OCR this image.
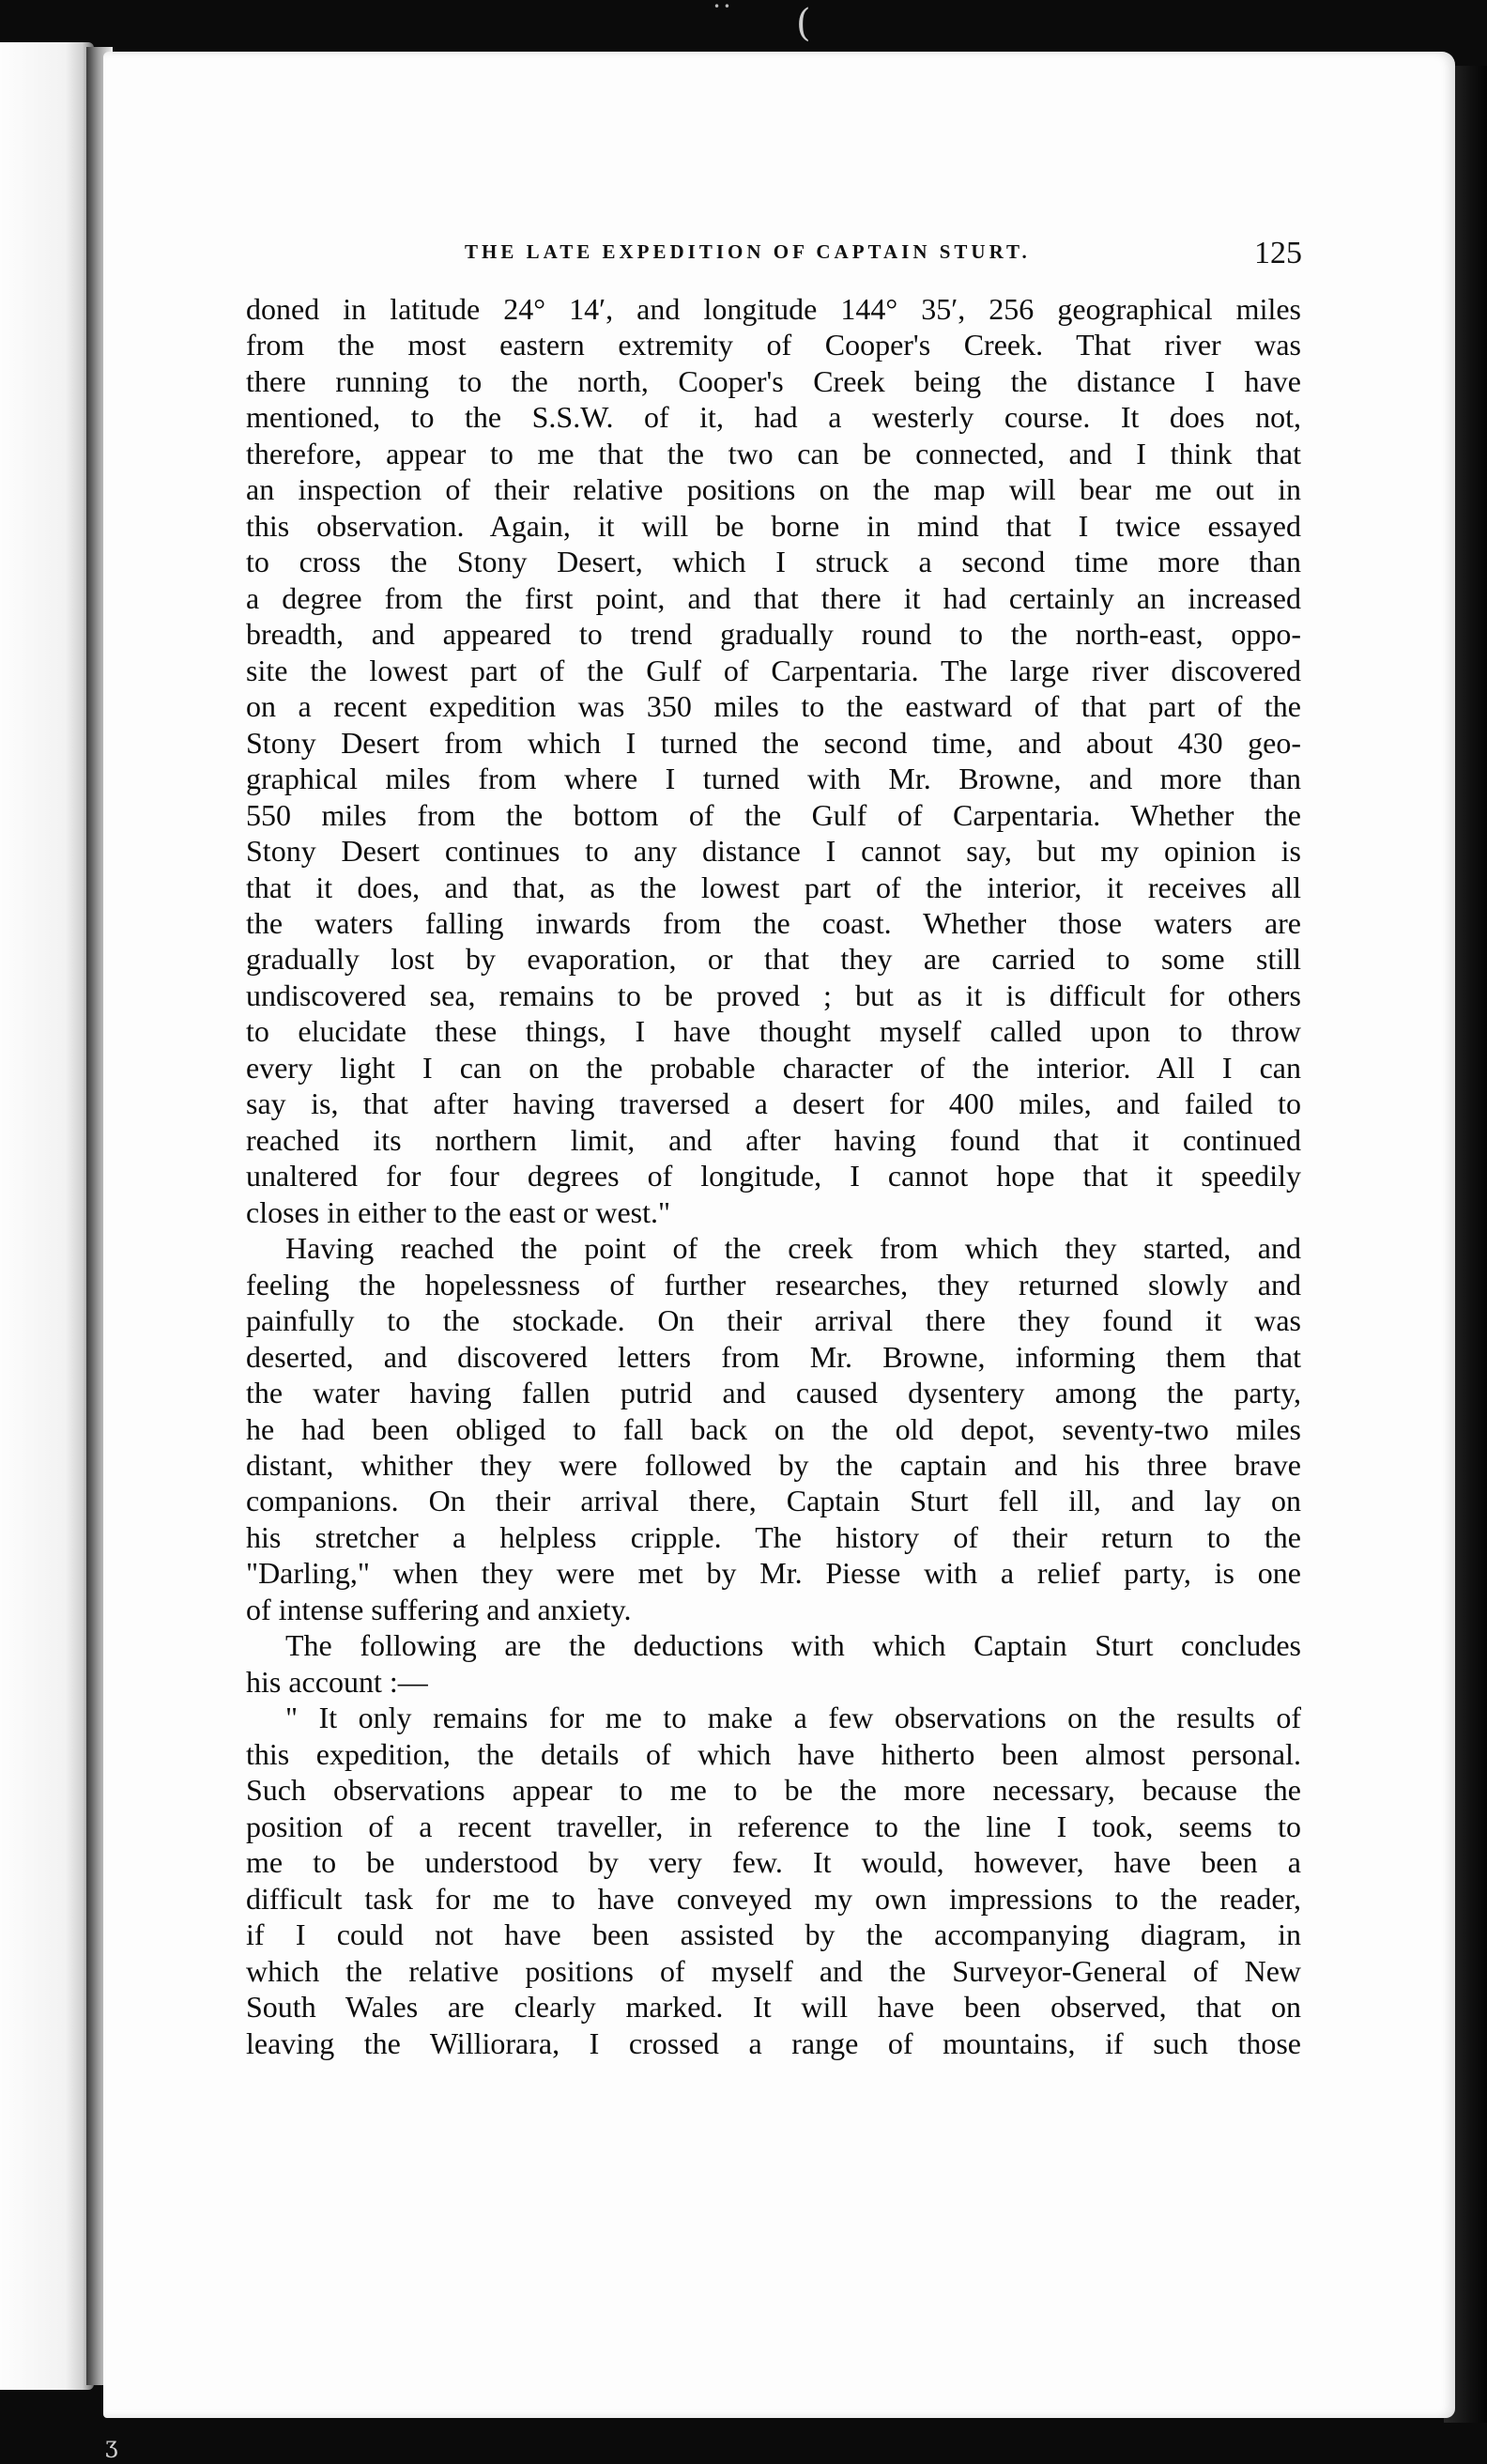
• • (
ʒ
THE LATE EXPEDITION OF CAPTAIN STURT.	125
doned in latitude 24° 14′, and longitude 144° 35′, 256 geographical miles
from the most eastern extremity of Cooper's Creek. That river was
there running to the north, Cooper's Creek being the distance I have
mentioned, to the S.S.W. of it, had a westerly course. It does not,
therefore, appear to me that the two can be connected, and I think that
an inspection of their relative positions on the map will bear me out in
this observation. Again, it will be borne in mind that I twice essayed
to cross the Stony Desert, which I struck a second time more than
a degree from the first point, and that there it had certainly an increased
breadth, and appeared to trend gradually round to the north-east, oppo-
site the lowest part of the Gulf of Carpentaria. The large river discovered
on a recent expedition was 350 miles to the eastward of that part of the
Stony Desert from which I turned the second time, and about 430 geo-
graphical miles from where I turned with Mr. Browne, and more than
550 miles from the bottom of the Gulf of Carpentaria. Whether the
Stony Desert continues to any distance I cannot say, but my opinion is
that it does, and that, as the lowest part of the interior, it receives all
the waters falling inwards from the coast. Whether those waters are
gradually lost by evaporation, or that they are carried to some still
undiscovered sea, remains to be proved ; but as it is difficult for others
to elucidate these things, I have thought myself called upon to throw
every light I can on the probable character of the interior. All I can
say is, that after having traversed a desert for 400 miles, and failed to
reached its northern limit, and after having found that it continued
unaltered for four degrees of longitude, I cannot hope that it speedily
closes in either to the east or west."
Having reached the point of the creek from which they started, and
feeling the hopelessness of further researches, they returned slowly and
painfully to the stockade. On their arrival there they found it was
deserted, and discovered letters from Mr. Browne, informing them that
the water having fallen putrid and caused dysentery among the party,
he had been obliged to fall back on the old depot, seventy-two miles
distant, whither they were followed by the captain and his three brave
companions. On their arrival there, Captain Sturt fell ill, and lay on
his stretcher a helpless cripple. The history of their return to the
"Darling," when they were met by Mr. Piesse with a relief party, is one
of intense suffering and anxiety.
The following are the deductions with which Captain Sturt concludes
his account :—
" It only remains for me to make a few observations on the results of
this expedition, the details of which have hitherto been almost personal.
Such observations appear to me to be the more necessary, because the
position of a recent traveller, in reference to the line I took, seems to
me to be understood by very few. It would, however, have been a
difficult task for me to have conveyed my own impressions to the reader,
if I could not have been assisted by the accompanying diagram, in
which the relative positions of myself and the Surveyor-General of New
South Wales are clearly marked. It will have been observed, that on
leaving the Williorara, I crossed a range of mountains, if such those
